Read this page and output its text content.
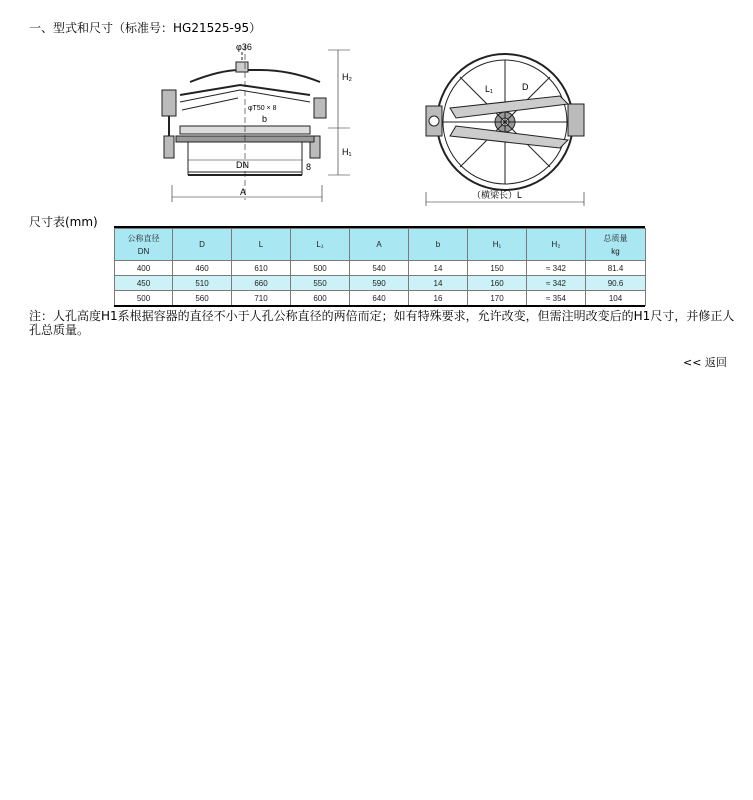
一、型式和尺寸（标准号：HG21525-95）
φ36
H₂
φT50 × 8
b
DN
H₁
8
A
L₁	D
（横梁长）L
尺寸表(mm)
公称直径
DN	D	L	L₁	A	b	H₁	H₂	总质量
kg
400	460	610	500	540	14	150	≈ 342	81.4
450	510	660	550	590	14	160	≈ 342	90.6
500	560	710	600	640	16	170	≈ 354	104
注：人孔高度H1系根据容器的直径不小于人孔公称直径的两倍而定；如有特殊要求，允许改变，但需注明改变后的H1尺寸，并修正人孔总质量。
<< 返回
